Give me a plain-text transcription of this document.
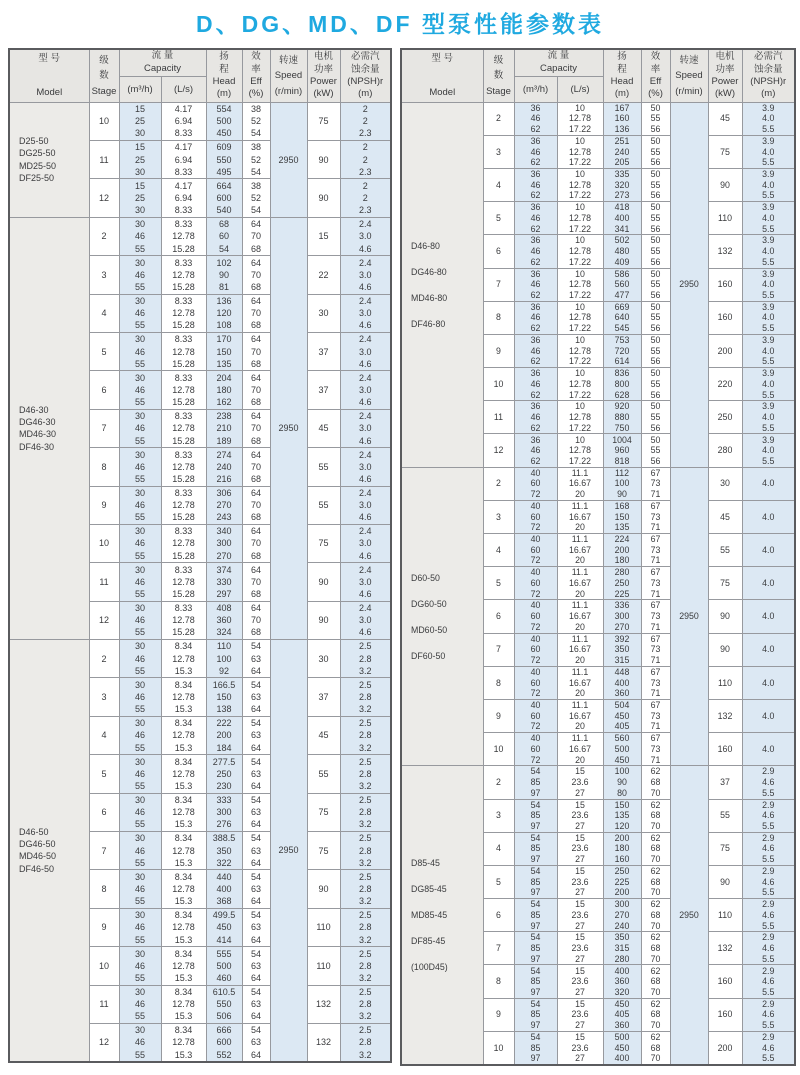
D、DG、MD、DF 型泵性能参数表
型 号

Model	级
数
Stage	流 量
Capacity		扬
程
Head
(m)	效
率
Eff
(%)	转速
Speed
(r/min)	电机
功率
Power
(kW)	必需汽
蚀余量
(NPSH)r
(m)
		(m³/h)	(L/s)					
D25-50
DG25-50
MD25-50
DF25-50	10	15
25
30	4.17
6.94
8.33	554
500
450	38
52
54	2950	75	2
2
2.3
	11	15
25
30	4.17
6.94
8.33	609
550
495	38
52
54		90	2
2
2.3
	12	15
25
30	4.17
6.94
8.33	664
600
540	38
52
54		90	2
2
2.3
D46-30
DG46-30
MD46-30
DF46-30	2	30
46
55	8.33
12.78
15.28	68
60
54	64
70
68	2950	15	2.4
3.0
4.6
	3	30
46
55	8.33
12.78
15.28	102
90
81	64
70
68		22	2.4
3.0
4.6
	4	30
46
55	8.33
12.78
15.28	136
120
108	64
70
68		30	2.4
3.0
4.6
	5	30
46
55	8.33
12.78
15.28	170
150
135	64
70
68		37	2.4
3.0
4.6
	6	30
46
55	8.33
12.78
15.28	204
180
162	64
70
68		37	2.4
3.0
4.6
	7	30
46
55	8.33
12.78
15.28	238
210
189	64
70
68		45	2.4
3.0
4.6
	8	30
46
55	8.33
12.78
15.28	274
240
216	64
70
68		55	2.4
3.0
4.6
	9	30
46
55	8.33
12.78
15.28	306
270
243	64
70
68		55	2.4
3.0
4.6
	10	30
46
55	8.33
12.78
15.28	340
300
270	64
70
68		75	2.4
3.0
4.6
	11	30
46
55	8.33
12.78
15.28	374
330
297	64
70
68		90	2.4
3.0
4.6
	12	30
46
55	8.33
12.78
15.28	408
360
324	64
70
68		90	2.4
3.0
4.6
D46-50
DG46-50
MD46-50
DF46-50	2	30
46
55	8.34
12.78
15.3	110
100
92	54
63
64	2950	30	2.5
2.8
3.2
	3	30
46
55	8.34
12.78
15.3	166.5
150
138	54
63
64		37	2.5
2.8
3.2
	4	30
46
55	8.34
12.78
15.3	222
200
184	54
63
64		45	2.5
2.8
3.2
	5	30
46
55	8.34
12.78
15.3	277.5
250
230	54
63
64		55	2.5
2.8
3.2
	6	30
46
55	8.34
12.78
15.3	333
300
276	54
63
64		75	2.5
2.8
3.2
	7	30
46
55	8.34
12.78
15.3	388.5
350
322	54
63
64		75	2.5
2.8
3.2
	8	30
46
55	8.34
12.78
15.3	440
400
368	54
63
64		90	2.5
2.8
3.2
	9	30
46
55	8.34
12.78
15.3	499.5
450
414	54
63
64		110	2.5
2.8
3.2
	10	30
46
55	8.34
12.78
15.3	555
500
460	54
63
64		110	2.5
2.8
3.2
	11	30
46
55	8.34
12.78
15.3	610.5
550
506	54
63
64		132	2.5
2.8
3.2
	12	30
46
55	8.34
12.78
15.3	666
600
552	54
63
64		132	2.5
2.8
3.2
型 号

Model	级
数
Stage	流 量
Capacity		扬
程
Head
(m)	效
率
Eff
(%)	转速
Speed
(r/min)	电机
功率
Power
(kW)	必需汽
蚀余量
(NPSH)r
(m)
		(m³/h)	(L/s)					
D46-80
DG46-80
MD46-80
DF46-80	2	36
46
62	10
12.78
17.22	167
160
136	50
55
56	2950	45	3.9
4.0
5.5
	3	36
46
62	10
12.78
17.22	251
240
205	50
55
56		75	3.9
4.0
5.5
	4	36
46
62	10
12.78
17.22	335
320
273	50
55
56		90	3.9
4.0
5.5
	5	36
46
62	10
12.78
17.22	418
400
341	50
55
56		110	3.9
4.0
5.5
	6	36
46
62	10
12.78
17.22	502
480
409	50
55
56		132	3.9
4.0
5.5
	7	36
46
62	10
12.78
17.22	586
560
477	50
55
56		160	3.9
4.0
5.5
	8	36
46
62	10
12.78
17.22	669
640
545	50
55
56		160	3.9
4.0
5.5
	9	36
46
62	10
12.78
17.22	753
720
614	50
55
56		200	3.9
4.0
5.5
	10	36
46
62	10
12.78
17.22	836
800
628	50
55
56		220	3.9
4.0
5.5
	11	36
46
62	10
12.78
17.22	920
880
750	50
55
56		250	3.9
4.0
5.5
	12	36
46
62	10
12.78
17.22	1004
960
818	50
55
56		280	3.9
4.0
5.5
D60-50
DG60-50
MD60-50
DF60-50	2	40
60
72	11.1
16.67
20	112
100
90	67
73
71	2950	30	4.0
	3	40
60
72	11.1
16.67
20	168
150
135	67
73
71		45	4.0
	4	40
60
72	11.1
16.67
20	224
200
180	67
73
71		55	4.0
	5	40
60
72	11.1
16.67
20	280
250
225	67
73
71		75	4.0
	6	40
60
72	11.1
16.67
20	336
300
270	67
73
71		90	4.0
	7	40
60
72	11.1
16.67
20	392
350
315	67
73
71		90	4.0
	8	40
60
72	11.1
16.67
20	448
400
360	67
73
71		110	4.0
	9	40
60
72	11.1
16.67
20	504
450
405	67
73
71		132	4.0
	10	40
60
72	11.1
16.67
20	560
500
450	67
73
71		160	4.0
D85-45
DG85-45
MD85-45
DF85-45
(100D45)	2	54
85
97	15
23.6
27	100
90
80	62
68
70	2950	37	2.9
4.6
5.5
	3	54
85
97	15
23.6
27	150
135
120	62
68
70		55	2.9
4.6
5.5
	4	54
85
97	15
23.6
27	200
180
160	62
68
70		75	2.9
4.6
5.5
	5	54
85
97	15
23.6
27	250
225
200	62
68
70		90	2.9
4.6
5.5
	6	54
85
97	15
23.6
27	300
270
240	62
68
70		110	2.9
4.6
5.5
	7	54
85
97	15
23.6
27	350
315
280	62
68
70		132	2.9
4.6
5.5
	8	54
85
97	15
23.6
27	400
360
320	62
68
70		160	2.9
4.6
5.5
	9	54
85
97	15
23.6
27	450
405
360	62
68
70		160	2.9
4.6
5.5
	10	54
85
97	15
23.6
27	500
450
400	62
68
70		200	2.9
4.6
5.5
